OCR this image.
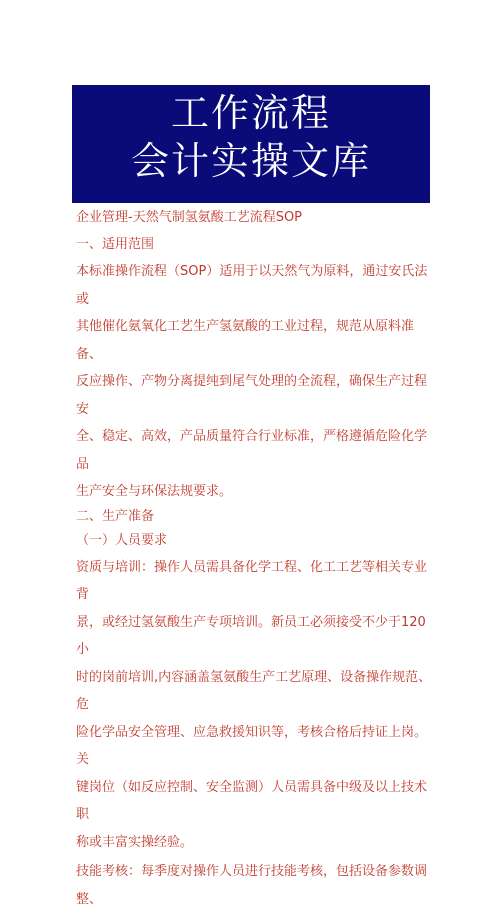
工作流程
会计实操文库

企业管理-天然气制氢氨酸工艺流程SOP

一、适用范围

本标准操作流程（SOP）适用于以天然气为原料，通过安氏法或

其他催化氨氧化工艺生产氢氨酸的工业过程，规范从原料准备、

反应操作、产物分离提纯到尾气处理的全流程，确保生产过程安

全、稳定、高效，产品质量符合行业标准，严格遵循危险化学品

生产安全与环保法规要求。

二、生产准备

（一）人员要求

资质与培训：操作人员需具备化学工程、化工工艺等相关专业背

景，或经过氢氨酸生产专项培训。新员工必须接受不少于120小

时的岗前培训,内容涵盖氢氨酸生产工艺原理、设备操作规范、危

险化学品安全管理、应急救援知识等，考核合格后持证上岗。关

键岗位（如反应控制、安全监测）人员需具备中级及以上技术职

称或丰富实操经验。

技能考核：每季度对操作人员进行技能考核，包括设备参数调整、
